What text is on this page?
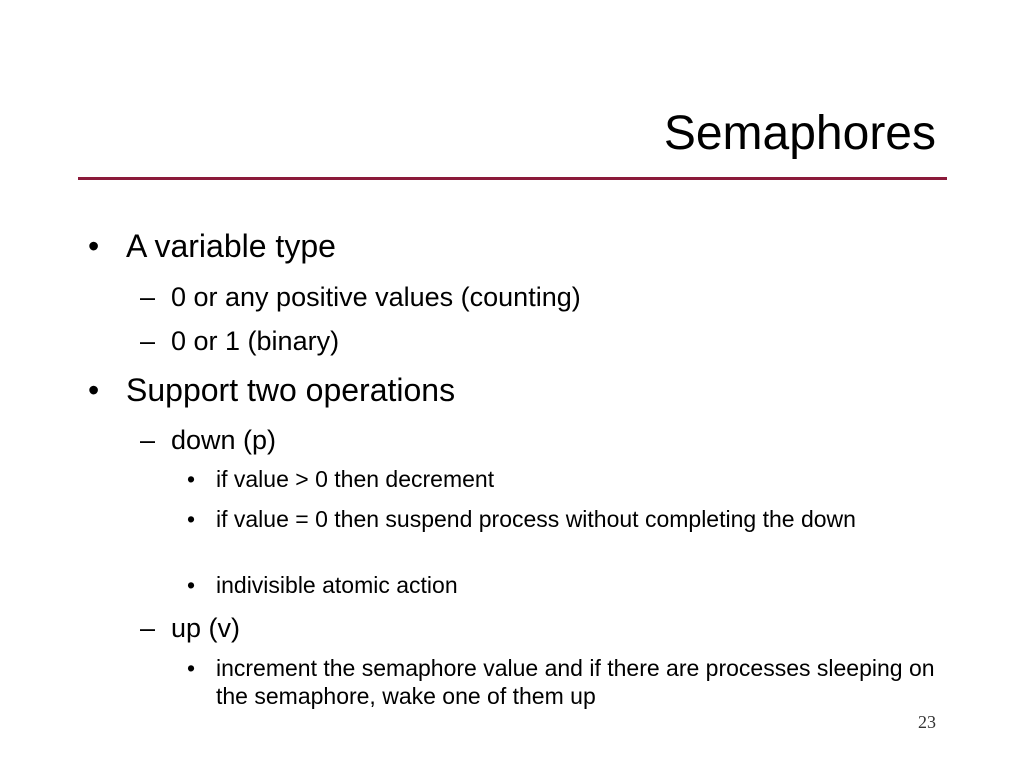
Semaphores
• A variable type
– 0 or any positive values (counting)
– 0 or 1 (binary)
• Support two operations
– down (p)
• if value > 0 then decrement
• if value = 0 then suspend process without completing the down
• indivisible atomic action
– up (v)
• increment the semaphore value and if there are processes sleeping on the semaphore, wake one of them up
23
